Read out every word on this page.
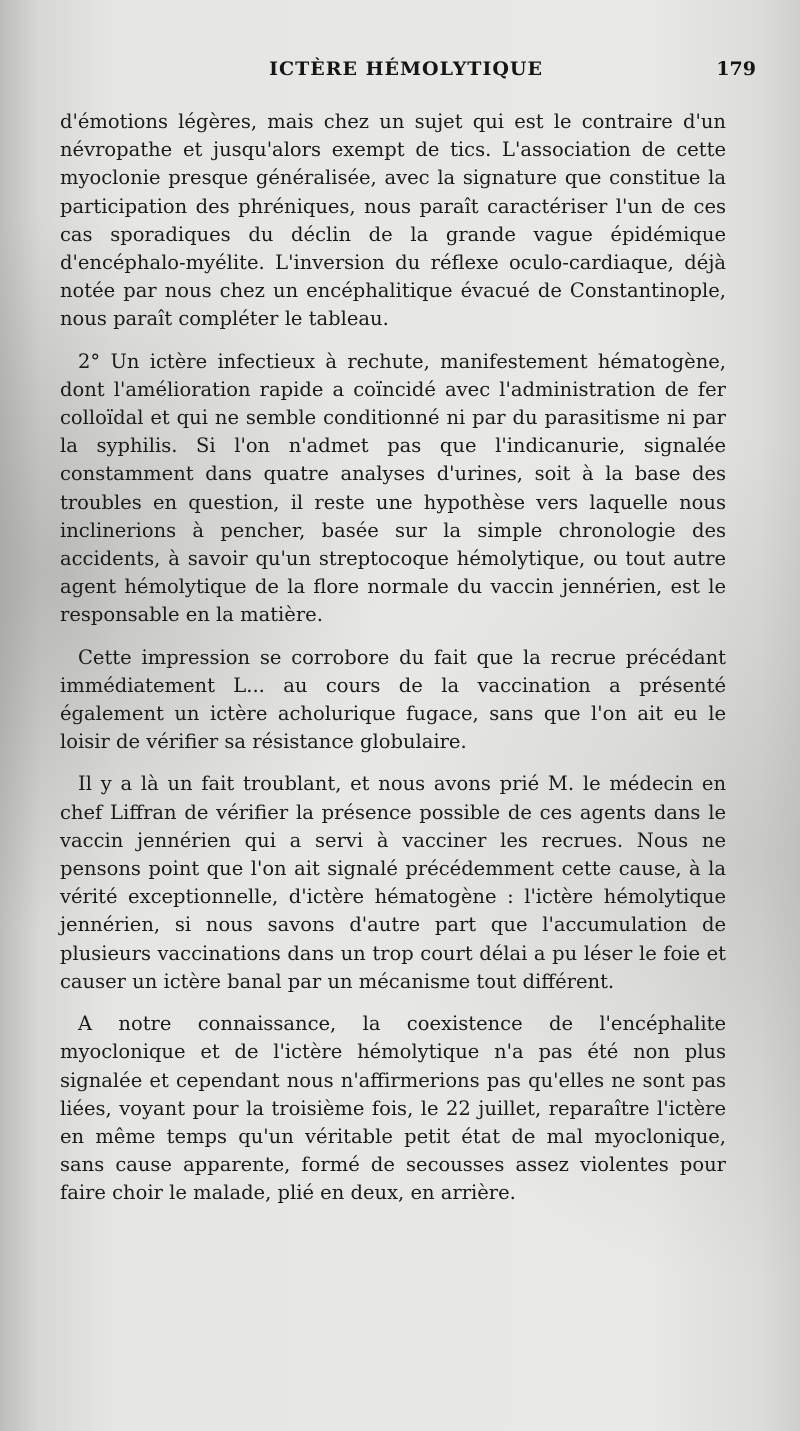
ICTÈRE HÉMOLYTIQUE	179

d'émotions légères, mais chez un sujet qui est le contraire d'un névropathe et jusqu'alors exempt de tics. L'association de cette myoclonie presque généralisée, avec la signature que constitue la participation des phréniques, nous paraît caractériser l'un de ces cas sporadiques du déclin de la grande vague épidémique d'encéphalo-myélite. L'inversion du réflexe oculo-cardiaque, déjà notée par nous chez un encéphalitique évacué de Constantinople, nous paraît compléter le tableau.

2° Un ictère infectieux à rechute, manifestement hématogène, dont l'amélioration rapide a coïncidé avec l'administration de fer colloïdal et qui ne semble conditionné ni par du parasitisme ni par la syphilis. Si l'on n'admet pas que l'indicanurie, signalée constamment dans quatre analyses d'urines, soit à la base des troubles en question, il reste une hypothèse vers laquelle nous inclinerions à pencher, basée sur la simple chronologie des accidents, à savoir qu'un streptocoque hémolytique, ou tout autre agent hémolytique de la flore normale du vaccin jennérien, est le responsable en la matière.

Cette impression se corrobore du fait que la recrue précédant immédiatement L... au cours de la vaccination a présenté également un ictère acholurique fugace, sans que l'on ait eu le loisir de vérifier sa résistance globulaire.

Il y a là un fait troublant, et nous avons prié M. le médecin en chef Liffran de vérifier la présence possible de ces agents dans le vaccin jennérien qui a servi à vacciner les recrues. Nous ne pensons point que l'on ait signalé précédemment cette cause, à la vérité exceptionnelle, d'ictère hématogène : l'ictère hémolytique jennérien, si nous savons d'autre part que l'accumulation de plusieurs vaccinations dans un trop court délai a pu léser le foie et causer un ictère banal par un mécanisme tout différent.

A notre connaissance, la coexistence de l'encéphalite myoclonique et de l'ictère hémolytique n'a pas été non plus signalée et cependant nous n'affirmerions pas qu'elles ne sont pas liées, voyant pour la troisième fois, le 22 juillet, reparaître l'ictère en même temps qu'un véritable petit état de mal myoclonique, sans cause apparente, formé de secousses assez violentes pour faire choir le malade, plié en deux, en arrière.
